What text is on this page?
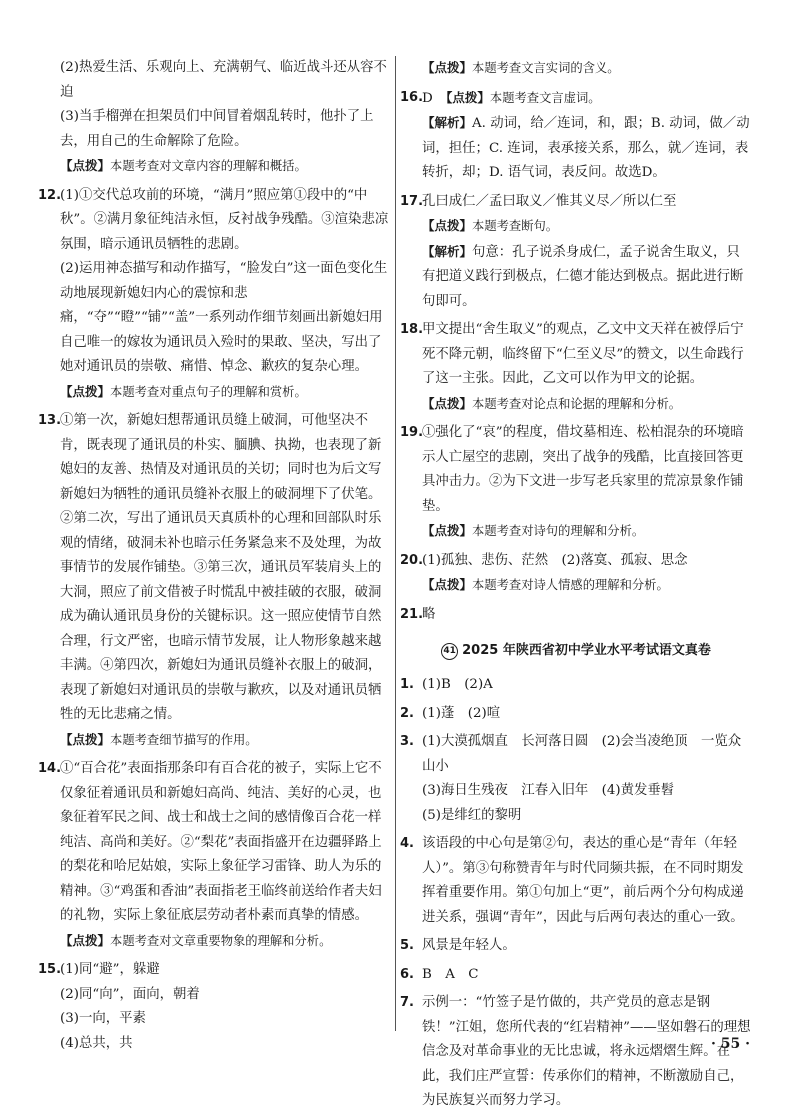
(2)热爱生活、乐观向上、充满朝气、临近战斗还从容不迫
(3)当手榴弹在担架员们中间冒着烟乱转时，他扑了上去，用自己的生命解除了危险。
【点拨】本题考查对文章内容的理解和概括。
12.
(1)①交代总攻前的环境，“满月”照应第①段中的“中秋”。②满月象征纯洁永恒，反衬战争残酷。③渲染悲凉氛围，暗示通讯员牺牲的悲剧。
(2)运用神态描写和动作描写，“脸发白”这一面色变化生动地展现新媳妇内心的震惊和悲痛，“夺”“瞪”“铺”“盖”一系列动作细节刻画出新媳妇用自己唯一的嫁妆为通讯员入殓时的果敢、坚决，写出了她对通讯员的崇敬、痛惜、悼念、歉疚的复杂心理。
【点拨】本题考查对重点句子的理解和赏析。
13.
①第一次，新媳妇想帮通讯员缝上破洞，可他坚决不肯，既表现了通讯员的朴实、腼腆、执拗，也表现了新媳妇的友善、热情及对通讯员的关切；同时也为后文写新媳妇为牺牲的通讯员缝补衣服上的破洞埋下了伏笔。②第二次，写出了通讯员天真质朴的心理和回部队时乐观的情绪，破洞未补也暗示任务紧急来不及处理，为故事情节的发展作铺垫。③第三次，通讯员军装肩头上的大洞，照应了前文借被子时慌乱中被挂破的衣服，破洞成为确认通讯员身份的关键标识。这一照应使情节自然合理，行文严密，也暗示情节发展，让人物形象越来越丰满。④第四次，新媳妇为通讯员缝补衣服上的破洞，表现了新媳妇对通讯员的崇敬与歉疚，以及对通讯员牺牲的无比悲痛之情。
【点拨】本题考查细节描写的作用。
14.
①“百合花”表面指那条印有百合花的被子，实际上它不仅象征着通讯员和新媳妇高尚、纯洁、美好的心灵，也象征着军民之间、战士和战士之间的感情像百合花一样纯洁、高尚和美好。②“梨花”表面指盛开在边疆驿路上的梨花和哈尼姑娘，实际上象征学习雷锋、助人为乐的精神。③“鸡蛋和香油”表面指老王临终前送给作者夫妇的礼物，实际上象征底层劳动者朴素而真挚的情感。
【点拨】本题考查对文章重要物象的理解和分析。
15.
(1)同“避”，躲避
(2)同“向”，面向，朝着
(3)一向，平素
(4)总共，共
【点拨】本题考查文言实词的含义。
16.
D　 【点拨】本题考查文言虚词。
【解析】A. 动词，给／连词，和，跟；B. 动词，做／动词，担任；C. 连词，表承接关系，那么，就／连词，表转折，却；D. 语气词，表反问。故选D。
17.
孔曰成仁／孟曰取义／惟其义尽／所以仁至
【点拨】本题考查断句。
【解析】句意：孔子说杀身成仁，孟子说舍生取义，只有把道义践行到极点，仁德才能达到极点。据此进行断句即可。
18.
甲文提出“舍生取义”的观点，乙文中文天祥在被俘后宁死不降元朝，临终留下“仁至义尽”的赞文，以生命践行了这一主张。因此，乙文可以作为甲文的论据。
【点拨】本题考查对论点和论据的理解和分析。
19.
①强化了“哀”的程度，借坟墓相连、松柏混杂的环境暗示人亡屋空的悲剧，突出了战争的残酷，比直接回答更具冲击力。②为下文进一步写老兵家里的荒凉景象作铺垫。
【点拨】本题考查对诗句的理解和分析。
20.
(1)孤独、悲伤、茫然　(2)落寞、孤寂、思念
【点拨】本题考查对诗人情感的理解和分析。
21.
略
41 2025 年陕西省初中学业水平考试语文真卷
1. (1)B　(2)A
2. (1)蓬　(2)喧
3. (1)大漠孤烟直　长河落日圆　(2)会当凌绝顶　一览众山小
(3)海日生残夜　江春入旧年　(4)黄发垂髫
(5)是绯红的黎明
4. 该语段的中心句是第②句，表达的重心是“青年（年轻人）”。第③句称赞青年与时代同频共振，在不同时期发挥着重要作用。第①句加上“更”，前后两个分句构成递进关系，强调“青年”，因此与后两句表达的重心一致。
5. 风景是年轻人。
6. B　A　C
7. 示例一：“竹签子是竹做的，共产党员的意志是钢铁！”江姐，您所代表的“红岩精神”——坚如磐石的理想信念及对革命事业的无比忠诚，将永远熠熠生辉。在此，我们庄严宣誓：传承你们的精神，不断激励自己，为民族复兴而努力学习。
· 55 ·
